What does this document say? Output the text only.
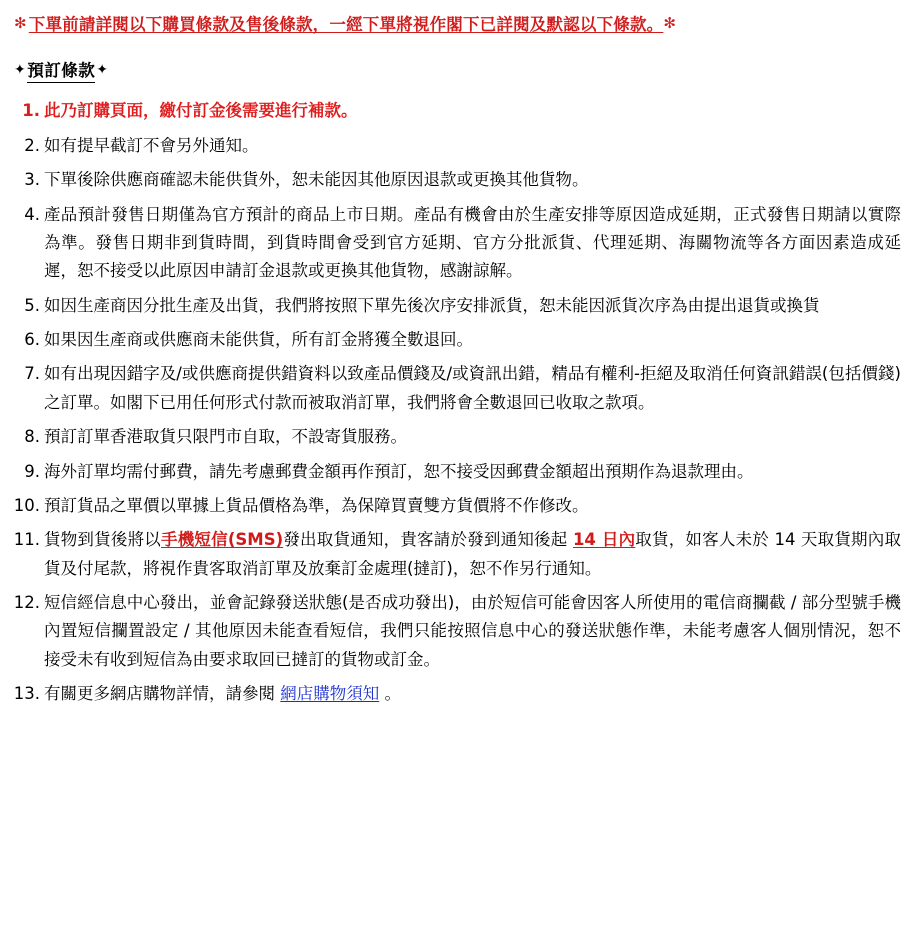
✻ 下單前請詳閱以下購買條款及售後條款，一經下單將視作閣下已詳閱及默認以下條款。 ✻
✦ 預訂條款 ✦
1. 此乃訂購頁面，繳付訂金後需要進行補款。
2. 如有提早截訂不會另外通知。
3. 下單後除供應商確認未能供貨外，恕未能因其他原因退款或更換其他貨物。
4. 產品預計發售日期僅為官方預計的商品上市日期。產品有機會由於生產安排等原因造成延期，正式發售日期請以實際為準。發售日期非到貨時間，到貨時間會受到官方延期、官方分批派貨、代理延期、海關物流等各方面因素造成延遲，恕不接受以此原因申請訂金退款或更換其他貨物，感謝諒解。
5. 如因生產商因分批生產及出貨，我們將按照下單先後次序安排派貨，恕未能因派貨次序為由提出退貨或換貨
6. 如果因生產商或供應商未能供貨，所有訂金將獲全數退回。
7. 如有出現因錯字及/或供應商提供錯資料以致產品價錢及/或資訊出錯，精品有權利-拒絕及取消任何資訊錯誤(包括價錢) 之訂單。如閣下已用任何形式付款而被取消訂單，我們將會全數退回已收取之款項。
8. 預訂訂單香港取貨只限門市自取，不設寄貨服務。
9. 海外訂單均需付郵費，請先考慮郵費金額再作預訂，恕不接受因郵費金額超出預期作為退款理由。
10. 預訂貨品之單價以單據上貨品價格為準，為保障買賣雙方貨價將不作修改。
11. 貨物到貨後將以手機短信(SMS)發出取貨通知，貴客請於發到通知後起 14 日內取貨，如客人未於 14 天取貨期內取貨及付尾款，將視作貴客取消訂單及放棄訂金處理(撻訂)，恕不作另行通知。
12. 短信經信息中心發出，並會記錄發送狀態(是否成功發出)，由於短信可能會因客人所使用的電信商攔截 / 部分型號手機內置短信攔置設定 / 其他原因未能查看短信，我們只能按照信息中心的發送狀態作準，未能考慮客人個別情況，恕不接受未有收到短信為由要求取回已撻訂的貨物或訂金。
13. 有關更多網店購物詳情，請參閱 網店購物須知 。
